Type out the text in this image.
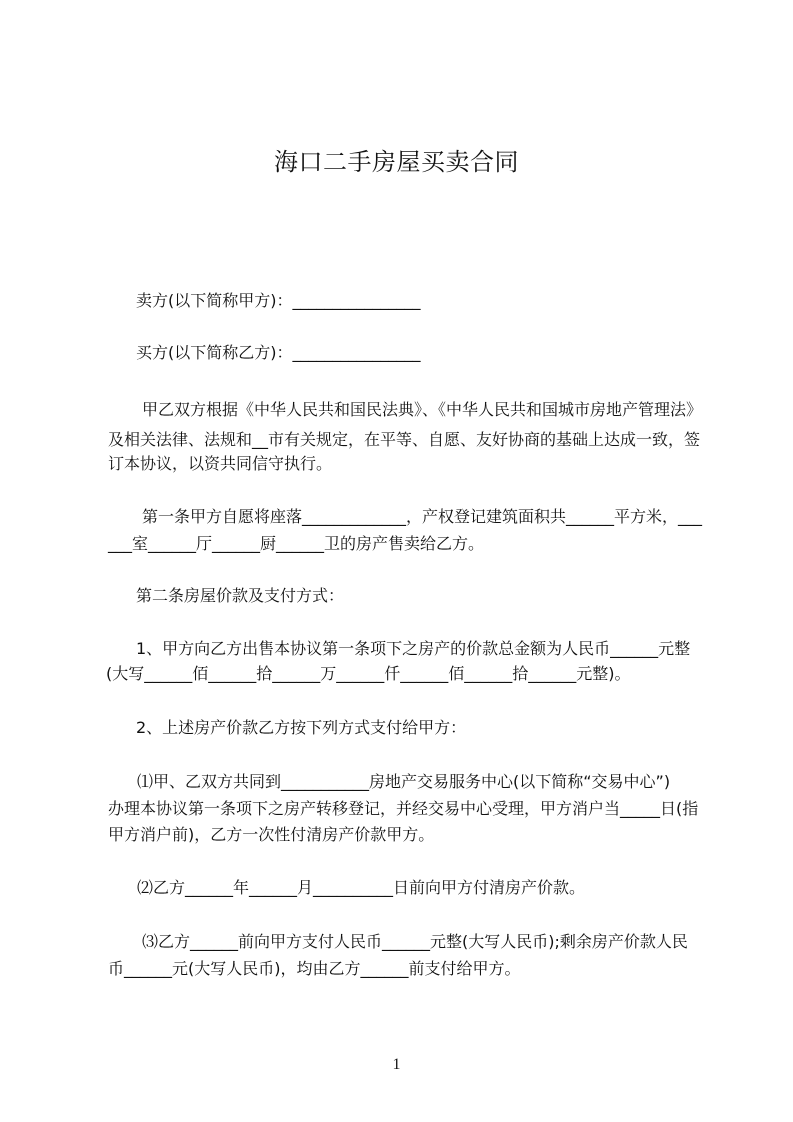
海口二手房屋买卖合同
卖方(以下简称甲方)：________________
买方(以下简称乙方)：________________
甲乙双方根据《中华人民共和国民法典》、《中华人民共和国城市房地产管理法》
及相关法律、法规和__市有关规定，在平等、自愿、友好协商的基础上达成一致，签
订本协议，以资共同信守执行。
第一条甲方自愿将座落_____________，产权登记建筑面积共______平方米，___
___室______厅______厨______卫的房产售卖给乙方。
第二条房屋价款及支付方式：
1、甲方向乙方出售本协议第一条项下之房产的价款总金额为人民币______元整
(大写______佰______拾______万______仟______佰______拾______元整)。
2、上述房产价款乙方按下列方式支付给甲方：
⑴甲、乙双方共同到___________房地产交易服务中心(以下简称“交易中心”)
办理本协议第一条项下之房产转移登记，并经交易中心受理，甲方消户当_____日(指
甲方消户前)，乙方一次性付清房产价款甲方。
⑵乙方______年______月__________日前向甲方付清房产价款。
⑶乙方______前向甲方支付人民币______元整(大写人民币);剩余房产价款人民
币______元(大写人民币)，均由乙方______前支付给甲方。
1
